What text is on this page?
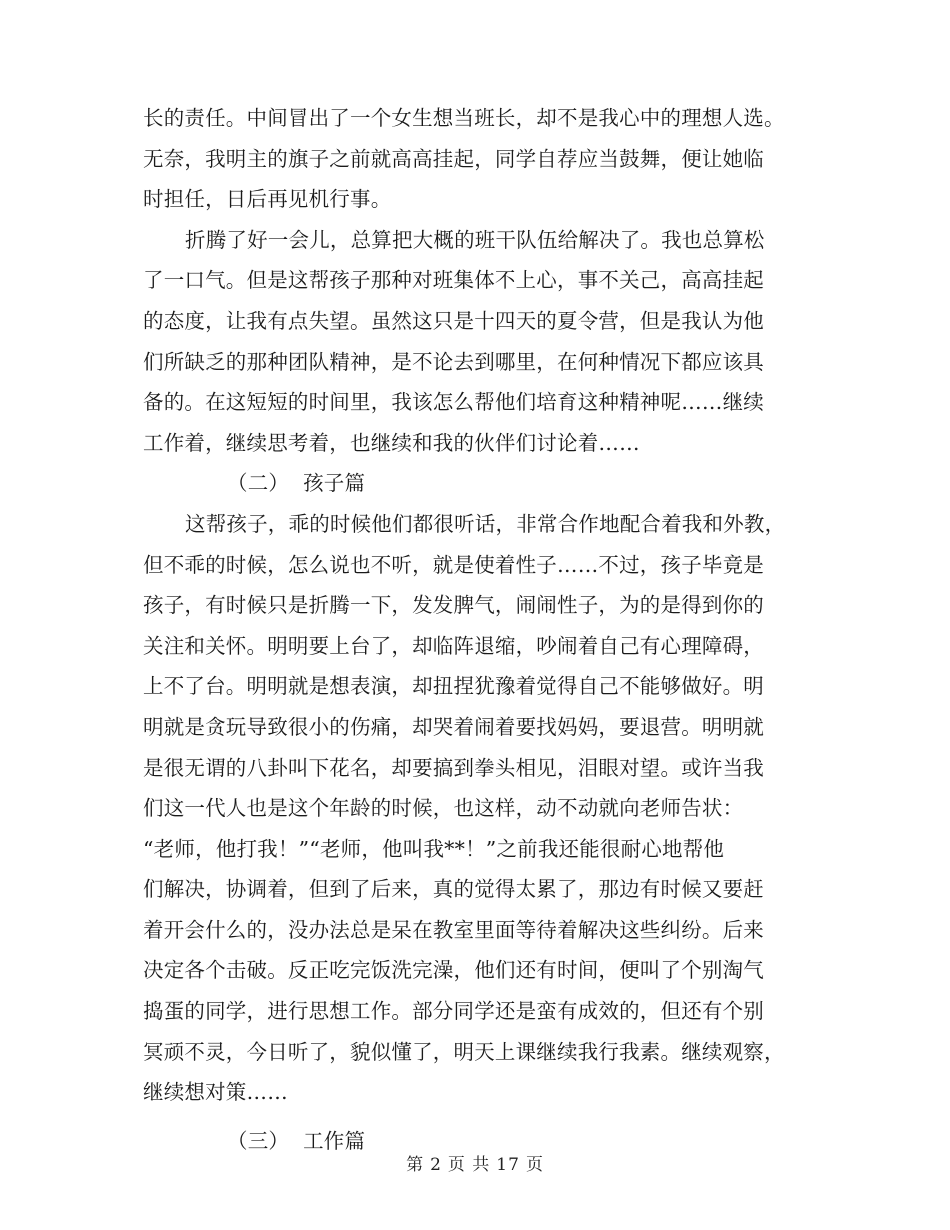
长的责任。中间冒出了一个女生想当班长，却不是我心中的理想人选。
无奈，我明主的旗子之前就高高挂起，同学自荐应当鼓舞，便让她临
时担任，日后再见机行事。
折腾了好一会儿，总算把大概的班干队伍给解决了。我也总算松
了一口气。但是这帮孩子那种对班集体不上心，事不关己，高高挂起
的态度，让我有点失望。虽然这只是十四天的夏令营，但是我认为他
们所缺乏的那种团队精神，是不论去到哪里，在何种情况下都应该具
备的。在这短短的时间里，我该怎么帮他们培育这种精神呢……继续
工作着，继续思考着，也继续和我的伙伴们讨论着……
（二） 孩子篇
这帮孩子，乖的时候他们都很听话，非常合作地配合着我和外教，
但不乖的时候，怎么说也不听，就是使着性子……不过，孩子毕竟是
孩子，有时候只是折腾一下，发发脾气，闹闹性子，为的是得到你的
关注和关怀。明明要上台了，却临阵退缩，吵闹着自己有心理障碍，
上不了台。明明就是想表演，却扭捏犹豫着觉得自己不能够做好。明
明就是贪玩导致很小的伤痛，却哭着闹着要找妈妈，要退营。明明就
是很无谓的八卦叫下花名，却要搞到拳头相见，泪眼对望。或许当我
们这一代人也是这个年龄的时候，也这样，动不动就向老师告状：
“老师，他打我！”“老师，他叫我**！”之前我还能很耐心地帮他
们解决，协调着，但到了后来，真的觉得太累了，那边有时候又要赶
着开会什么的，没办法总是呆在教室里面等待着解决这些纠纷。后来
决定各个击破。反正吃完饭洗完澡，他们还有时间，便叫了个别淘气
捣蛋的同学，进行思想工作。部分同学还是蛮有成效的，但还有个别
冥顽不灵，今日听了，貌似懂了，明天上课继续我行我素。继续观察，
继续想对策……
（三） 工作篇
第 2 页 共 17 页
